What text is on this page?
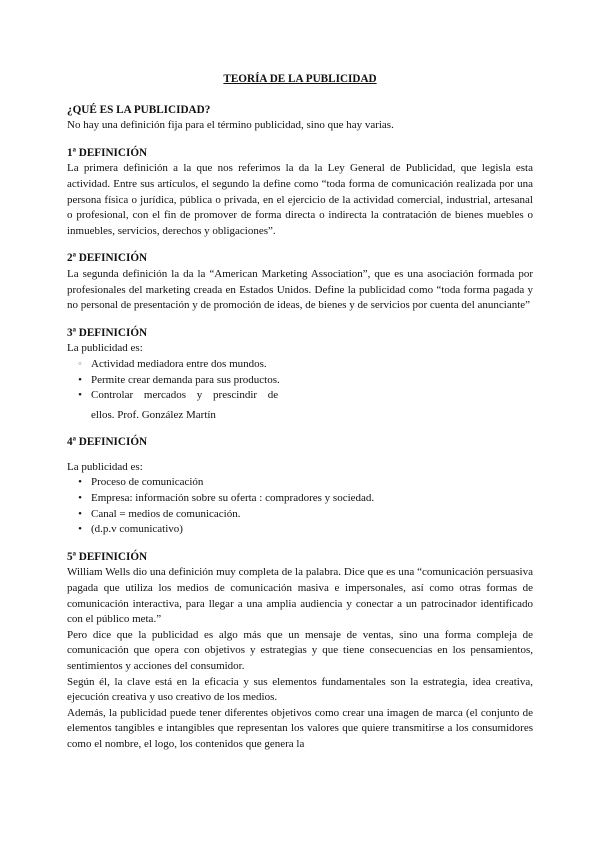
TEORÍA DE LA PUBLICIDAD

¿QUÉ ES LA PUBLICIDAD?

No hay una definición fija para el término publicidad, sino que hay varias.

1ª DEFINICIÓN

La primera definición a la que nos referimos la da la Ley General de Publicidad, que legisla esta actividad. Entre sus artículos, el segundo la define como “toda forma de comunicación realizada por una persona física o jurídica, pública o privada, en el ejercicio de la actividad comercial, industrial, artesanal o profesional, con el fin de promover de forma directa o indirecta la contratación de bienes muebles o inmuebles, servicios, derechos y obligaciones”.

2ª DEFINICIÓN

La segunda definición la da la “American Marketing Association”, que es una asociación formada por profesionales del marketing creada en Estados Unidos. Define la publicidad como “toda forma pagada y no personal de presentación y de promoción de ideas, de bienes y de servicios por cuenta del anunciante”

3ª DEFINICIÓN

La publicidad es:

◦ Actividad mediadora entre dos mundos.
• Permite crear demanda para sus productos.
• Controlar mercados y prescindir de

ellos. Prof. González Martín

4ª DEFINICIÓN

La publicidad es:

• Proceso de comunicación
• Empresa: información sobre su oferta : compradores y sociedad.
• Canal = medios de comunicación.
• (d.p.v comunicativo)

5ª DEFINICIÓN

William Wells dio una definición muy completa de la palabra. Dice que es una “comunicación persuasiva pagada que utiliza los medios de comunicación masiva e impersonales, así como otras formas de comunicación interactiva, para llegar a una amplia audiencia y conectar a un patrocinador identificado con el público meta.”

Pero dice que la publicidad es algo más que un mensaje de ventas, sino una forma compleja de comunicación que opera con objetivos y estrategias y que tiene consecuencias en los pensamientos, sentimientos y acciones del consumidor.

Según él, la clave está en la eficacia y sus elementos fundamentales son la estrategia, idea creativa, ejecución creativa y uso creativo de los medios.

Además, la publicidad puede tener diferentes objetivos como crear una imagen de marca (el conjunto de elementos tangibles e intangibles que representan los valores que quiere transmitirse a los consumidores como el nombre, el logo, los contenidos que genera la
